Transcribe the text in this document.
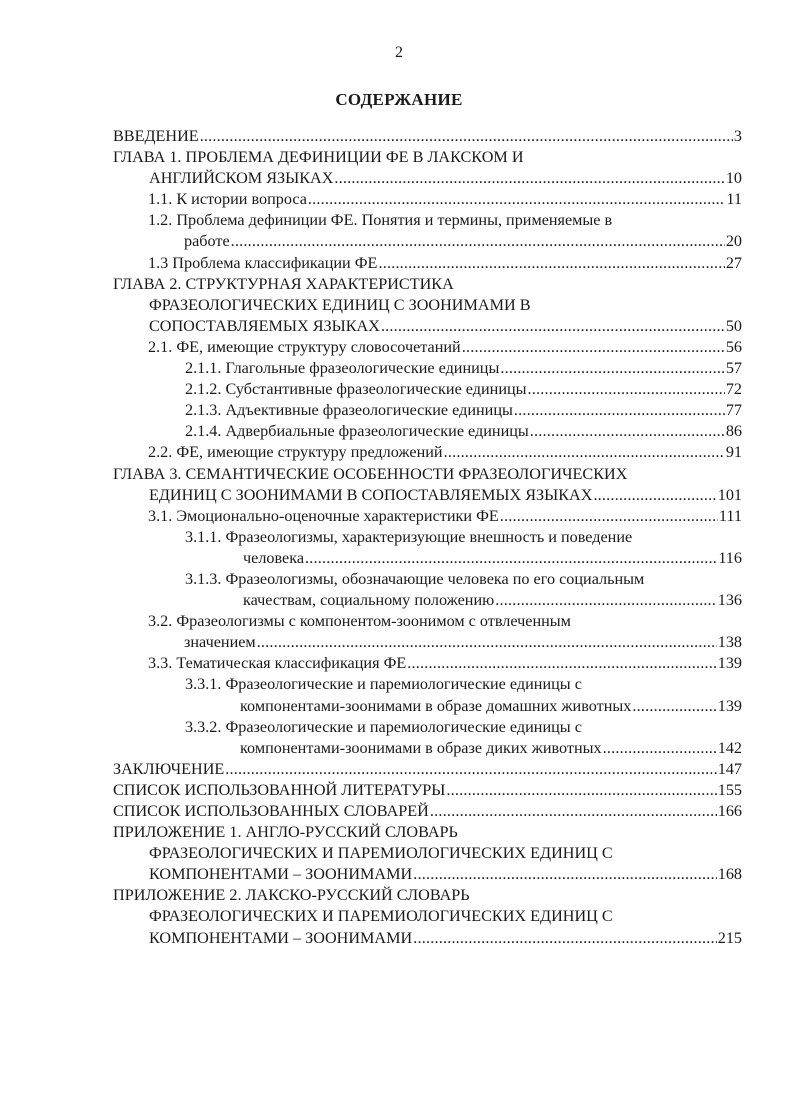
2
СОДЕРЖАНИЕ
ВВЕДЕНИЕ .....	3
ГЛАВА 1. ПРОБЛЕМА ДЕФИНИЦИИ ФЕ В ЛАКСКОМ И
АНГЛИЙСКОМ ЯЗЫКАХ .....	10
1.1. К истории вопроса .....	11
1.2. Проблема дефиниции ФЕ. Понятия и термины, применяемые в
работе .....	20
1.3 Проблема классификации ФЕ .....	27
ГЛАВА 2. СТРУКТУРНАЯ ХАРАКТЕРИСТИКА
ФРАЗЕОЛОГИЧЕСКИХ ЕДИНИЦ С ЗООНИМАМИ В
СОПОСТАВЛЯЕМЫХ ЯЗЫКАХ .....	50
2.1. ФЕ, имеющие структуру словосочетаний .....	56
2.1.1. Глагольные фразеологические единицы .....	57
2.1.2. Субстантивные фразеологические единицы .....	72
2.1.3. Адъективные фразеологические единицы .....	77
2.1.4. Адвербиальные фразеологические единицы .....	86
2.2. ФЕ, имеющие структуру предложений .....	91
ГЛАВА 3. СЕМАНТИЧЕСКИЕ ОСОБЕННОСТИ ФРАЗЕОЛОГИЧЕСКИХ
ЕДИНИЦ С ЗООНИМАМИ В СОПОСТАВЛЯЕМЫХ ЯЗЫКАХ .....	101
3.1. Эмоционально-оценочные характеристики ФЕ .....	111
3.1.1. Фразеологизмы, характеризующие внешность и поведение
человека .....	116
3.1.3. Фразеологизмы, обозначающие человека по его социальным
качествам, социальному положению .....	136
3.2. Фразеологизмы с компонентом-зоонимом с отвлеченным
значением .....	138
3.3. Тематическая классификация ФЕ .....	139
3.3.1. Фразеологические и паремиологические единицы с
компонентами-зоонимами в образе домашних животных .....	139
3.3.2. Фразеологические и паремиологические единицы с
компонентами-зоонимами в образе диких животных .....	142
ЗАКЛЮЧЕНИЕ .....	147
СПИСОК ИСПОЛЬЗОВАННОЙ ЛИТЕРАТУРЫ .....	155
СПИСОК ИСПОЛЬЗОВАННЫХ СЛОВАРЕЙ .....	166
ПРИЛОЖЕНИЕ 1. АНГЛО-РУССКИЙ СЛОВАРЬ
ФРАЗЕОЛОГИЧЕСКИХ И ПАРЕМИОЛОГИЧЕСКИХ ЕДИНИЦ С
КОМПОНЕНТАМИ – ЗООНИМАМИ .....	168
ПРИЛОЖЕНИЕ 2. ЛАКСКО-РУССКИЙ СЛОВАРЬ
ФРАЗЕОЛОГИЧЕСКИХ И ПАРЕМИОЛОГИЧЕСКИХ ЕДИНИЦ С
КОМПОНЕНТАМИ – ЗООНИМАМИ .....	215
